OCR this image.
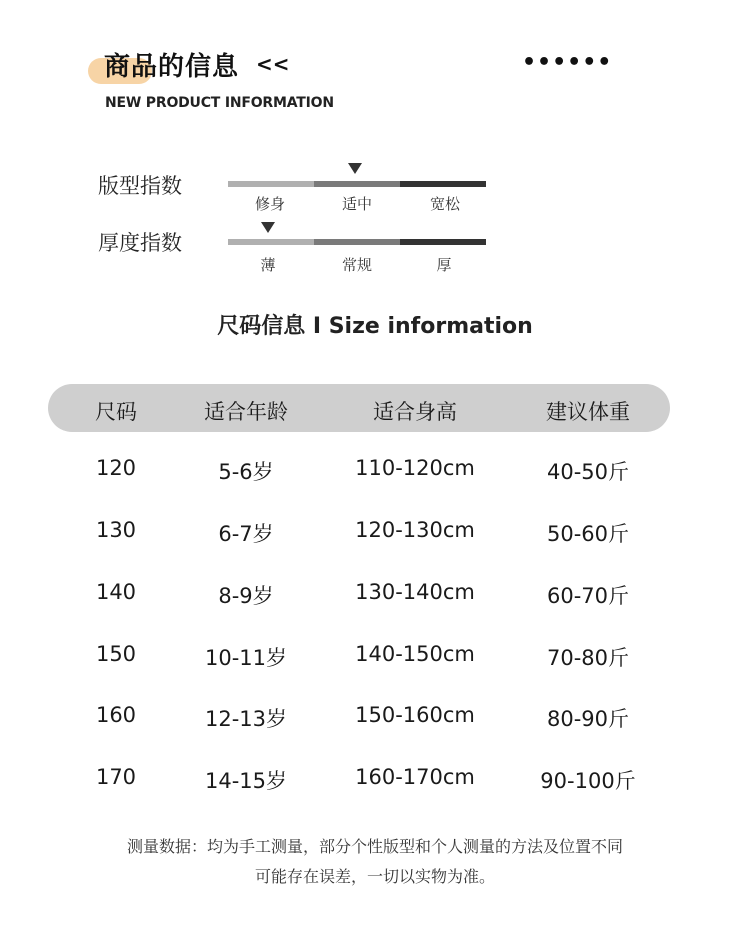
商品的信息 <<
NEW PRODUCT INFORMATION
••••••
版型指数
修身	适中	宽松
厚度指数
薄	常规	厚
尺码信息 I Size information
尺码	适合年龄	适合身高	建议体重
120	5-6岁	110-120cm	40-50斤
130	6-7岁	120-130cm	50-60斤
140	8-9岁	130-140cm	60-70斤
150	10-11岁	140-150cm	70-80斤
160	12-13岁	150-160cm	80-90斤
170	14-15岁	160-170cm	90-100斤
测量数据：均为手工测量，部分个性版型和个人测量的方法及位置不同
可能存在误差，一切以实物为准。
